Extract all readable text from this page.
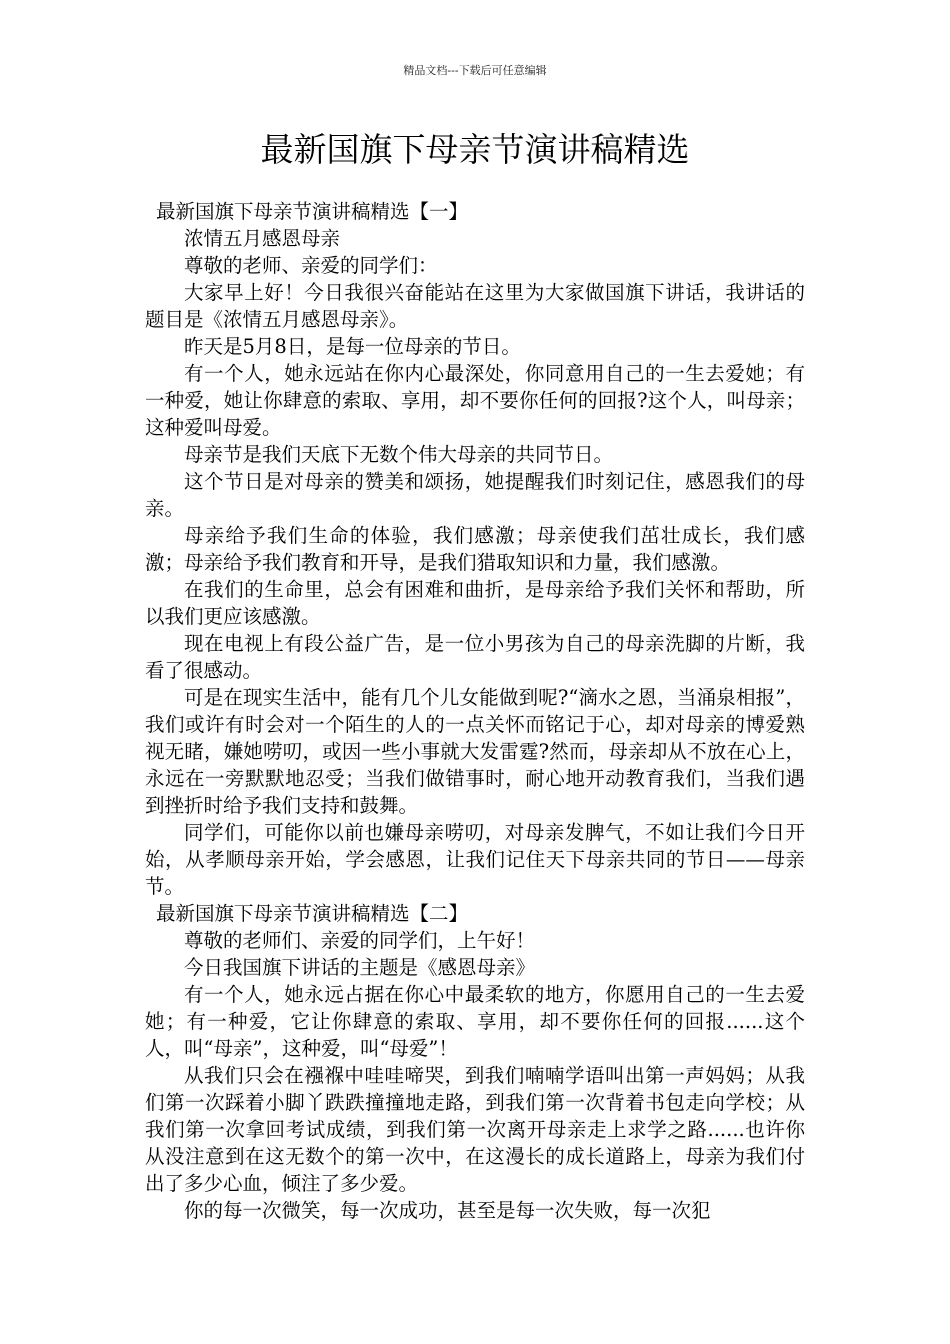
精品文档---下载后可任意编辑
最新国旗下母亲节演讲稿精选

最新国旗下母亲节演讲稿精选【一】

浓情五月感恩母亲

尊敬的老师、亲爱的同学们：

大家早上好！今日我很兴奋能站在这里为大家做国旗下讲话，我讲话的题目是《浓情五月感恩母亲》。

昨天是5月8日，是每一位母亲的节日。

有一个人，她永远站在你内心最深处，你同意用自己的一生去爱她；有一种爱，她让你肆意的索取、享用，却不要你任何的回报?这个人，叫母亲；这种爱叫母爱。

母亲节是我们天底下无数个伟大母亲的共同节日。

这个节日是对母亲的赞美和颂扬，她提醒我们时刻记住，感恩我们的母亲。

母亲给予我们生命的体验，我们感激；母亲使我们茁壮成长，我们感激；母亲给予我们教育和开导，是我们猎取知识和力量，我们感激。

在我们的生命里，总会有困难和曲折，是母亲给予我们关怀和帮助，所以我们更应该感激。

现在电视上有段公益广告，是一位小男孩为自己的母亲洗脚的片断，我看了很感动。

可是在现实生活中，能有几个儿女能做到呢?“滴水之恩，当涌泉相报”，我们或许有时会对一个陌生的人的一点关怀而铭记于心，却对母亲的博爱熟视无睹，嫌她唠叨，或因一些小事就大发雷霆?然而，母亲却从不放在心上，永远在一旁默默地忍受；当我们做错事时，耐心地开动教育我们，当我们遇到挫折时给予我们支持和鼓舞。

同学们，可能你以前也嫌母亲唠叨，对母亲发脾气，不如让我们今日开始，从孝顺母亲开始，学会感恩，让我们记住天下母亲共同的节日——母亲节。

最新国旗下母亲节演讲稿精选【二】

尊敬的老师们、亲爱的同学们，上午好！

今日我国旗下讲话的主题是《感恩母亲》

有一个人，她永远占据在你心中最柔软的地方，你愿用自己的一生去爱她；有一种爱，它让你肆意的索取、享用，却不要你任何的回报......这个人，叫“母亲”，这种爱，叫“母爱”！

从我们只会在襁褓中哇哇啼哭，到我们喃喃学语叫出第一声妈妈；从我们第一次踩着小脚丫跌跌撞撞地走路，到我们第一次背着书包走向学校；从我们第一次拿回考试成绩，到我们第一次离开母亲走上求学之路......也许你从没注意到在这无数个的第一次中，在这漫长的成长道路上，母亲为我们付出了多少心血，倾注了多少爱。

你的每一次微笑，每一次成功，甚至是每一次失败，每一次犯
